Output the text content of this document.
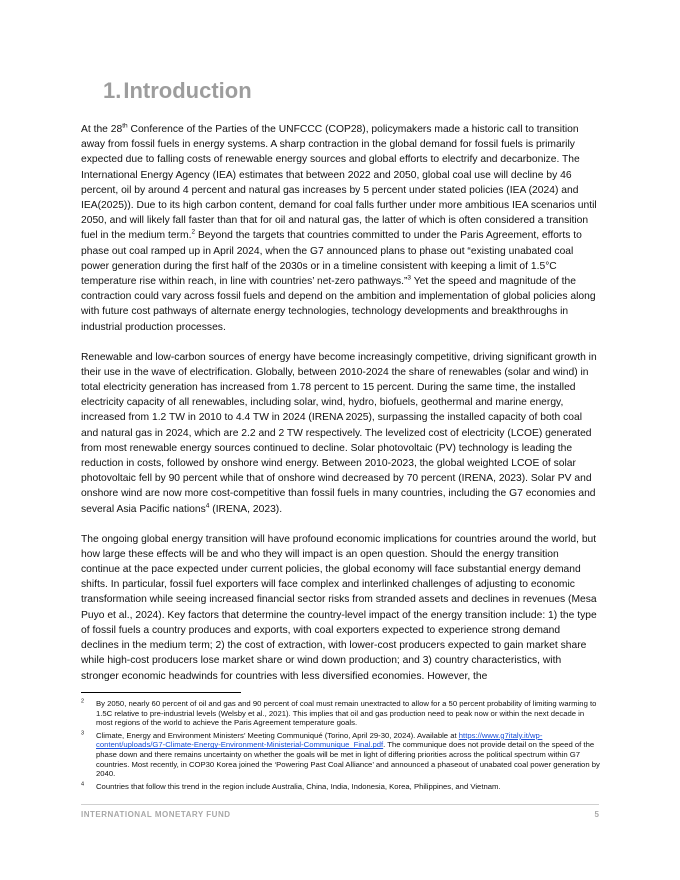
1.Introduction

At the 28th Conference of the Parties of the UNFCCC (COP28), policymakers made a historic call to transition away from fossil fuels in energy systems. A sharp contraction in the global demand for fossil fuels is primarily expected due to falling costs of renewable energy sources and global efforts to electrify and decarbonize. The International Energy Agency (IEA) estimates that between 2022 and 2050, global coal use will decline by 46 percent, oil by around 4 percent and natural gas increases by 5 percent under stated policies (IEA (2024) and IEA(2025)). Due to its high carbon content, demand for coal falls further under more ambitious IEA scenarios until 2050, and will likely fall faster than that for oil and natural gas, the latter of which is often considered a transition fuel in the medium term.$^2$ Beyond the targets that countries committed to under the Paris Agreement, efforts to phase out coal ramped up in April 2024, when the G7 announced plans to phase out “existing unabated coal power generation during the first half of the 2030s or in a timeline consistent with keeping a limit of 1.5°C temperature rise within reach, in line with countries’ net-zero pathways.”$^3$ Yet the speed and magnitude of the contraction could vary across fossil fuels and depend on the ambition and implementation of global policies along with future cost pathways of alternate energy technologies, technology developments and breakthroughs in industrial production processes.

Renewable and low-carbon sources of energy have become increasingly competitive, driving significant growth in their use in the wave of electrification. Globally, between 2010-2024 the share of renewables (solar and wind) in total electricity generation has increased from 1.78 percent to 15 percent. During the same time, the installed electricity capacity of all renewables, including solar, wind, hydro, biofuels, geothermal and marine energy, increased from 1.2 TW in 2010 to 4.4 TW in 2024 (IRENA 2025), surpassing the installed capacity of both coal and natural gas in 2024, which are 2.2 and 2 TW respectively. The levelized cost of electricity (LCOE) generated from most renewable energy sources continued to decline. Solar photovoltaic (PV) technology is leading the reduction in costs, followed by onshore wind energy. Between 2010-2023, the global weighted LCOE of solar photovoltaic fell by 90 percent while that of onshore wind decreased by 70 percent (IRENA, 2023). Solar PV and onshore wind are now more cost-competitive than fossil fuels in many countries, including the G7 economies and several Asia Pacific nations$^4$ (IRENA, 2023).

The ongoing global energy transition will have profound economic implications for countries around the world, but how large these effects will be and who they will impact is an open question. Should the energy transition continue at the pace expected under current policies, the global economy will face substantial energy demand shifts. In particular, fossil fuel exporters will face complex and interlinked challenges of adjusting to economic transformation while seeing increased financial sector risks from stranded assets and declines in revenues (Mesa Puyo et al., 2024). Key factors that determine the country-level impact of the energy transition include: 1) the type of fossil fuels a country produces and exports, with coal exporters expected to experience strong demand declines in the medium term; 2) the cost of extraction, with lower-cost producers expected to gain market share while high-cost producers lose market share or wind down production; and 3) country characteristics, with stronger economic headwinds for countries with less diversified economies. However, the

$^2$ By 2050, nearly 60 percent of oil and gas and 90 percent of coal must remain unextracted to allow for a 50 percent probability of limiting warming to 1.5C relative to pre-industrial levels (Welsby et al., 2021). This implies that oil and gas production need to peak now or within the next decade in most regions of the world to achieve the Paris Agreement temperature goals.
$^3$ Climate, Energy and Environment Ministers’ Meeting Communiqué (Torino, April 29-30, 2024). Available at https://www.g7italy.it/wp-content/uploads/G7-Climate-Energy-Environment-Ministerial-Communique_Final.pdf. The communique does not provide detail on the speed of the phase down and there remains uncertainty on whether the goals will be met in light of differing priorities across the political spectrum within G7 countries. Most recently, in COP30 Korea joined the ‘Powering Past Coal Alliance’ and announced a phaseout of unabated coal power generation by 2040.
$^4$ Countries that follow this trend in the region include Australia, China, India, Indonesia, Korea, Philippines, and Vietnam.
INTERNATIONAL MONETARY FUND	5
